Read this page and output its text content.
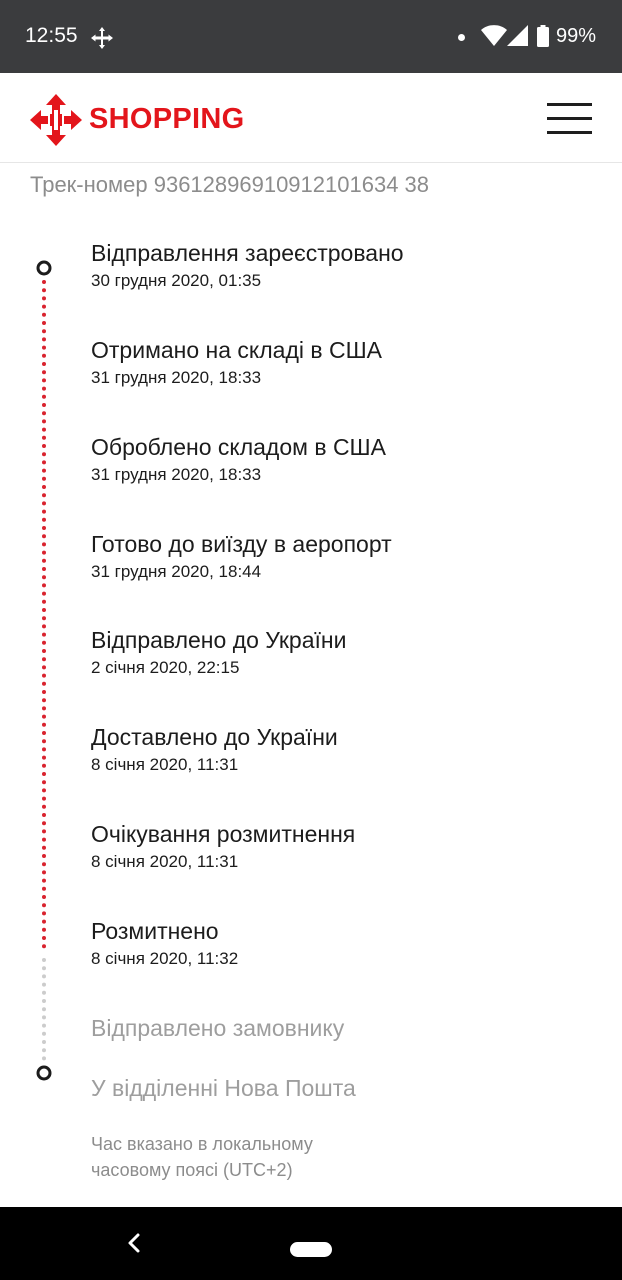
12:55	99%
SHOPPING
Трек-номер 93612896910912101634 38
Відправлення зареєстровано
30 грудня 2020, 01:35
Отримано на складі в США
31 грудня 2020, 18:33
Оброблено складом в США
31 грудня 2020, 18:33
Готово до виїзду в аеропорт
31 грудня 2020, 18:44
Відправлено до України
2 січня 2020, 22:15
Доставлено до України
8 січня 2020, 11:31
Очікування розмитнення
8 січня 2020, 11:31
Розмитнено
8 січня 2020, 11:32
Відправлено замовнику
У відділенні Нова Пошта
Час вказано в локальному
часовому поясі (UTC+2)
